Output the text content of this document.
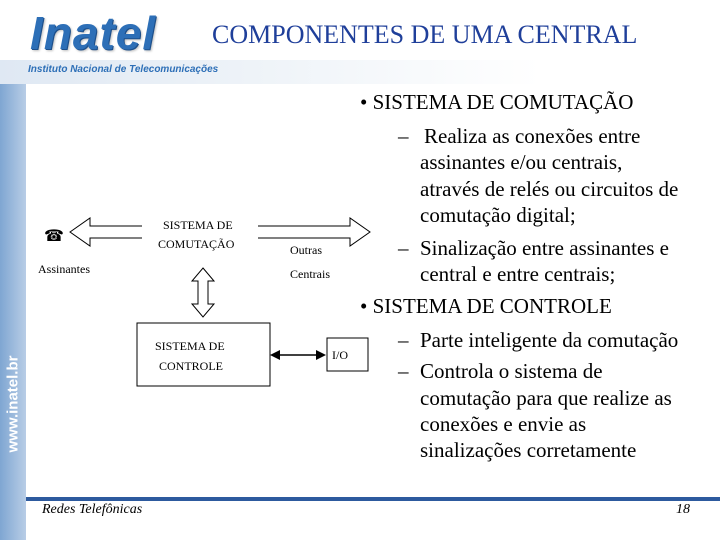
Inatel
Instituto Nacional de Telecomunicações
www.inatel.br
COMPONENTES DE UMA CENTRAL
• SISTEMA DE COMUTAÇÃO
– Realiza as conexões entre
assinantes e/ou centrais,
através de relés ou circuitos de
comutação digital;
– Sinalização entre assinantes e
central e entre centrais;
• SISTEMA DE CONTROLE
– Parte inteligente da comutação
– Controla o sistema de
comutação para que realize as
conexões e envie as
sinalizações corretamente
☎
Assinantes
SISTEMA DE
COMUTAÇÃO	Outras
Centrais
SISTEMA DE
CONTROLE
I/O
Redes Telefônicas	18
